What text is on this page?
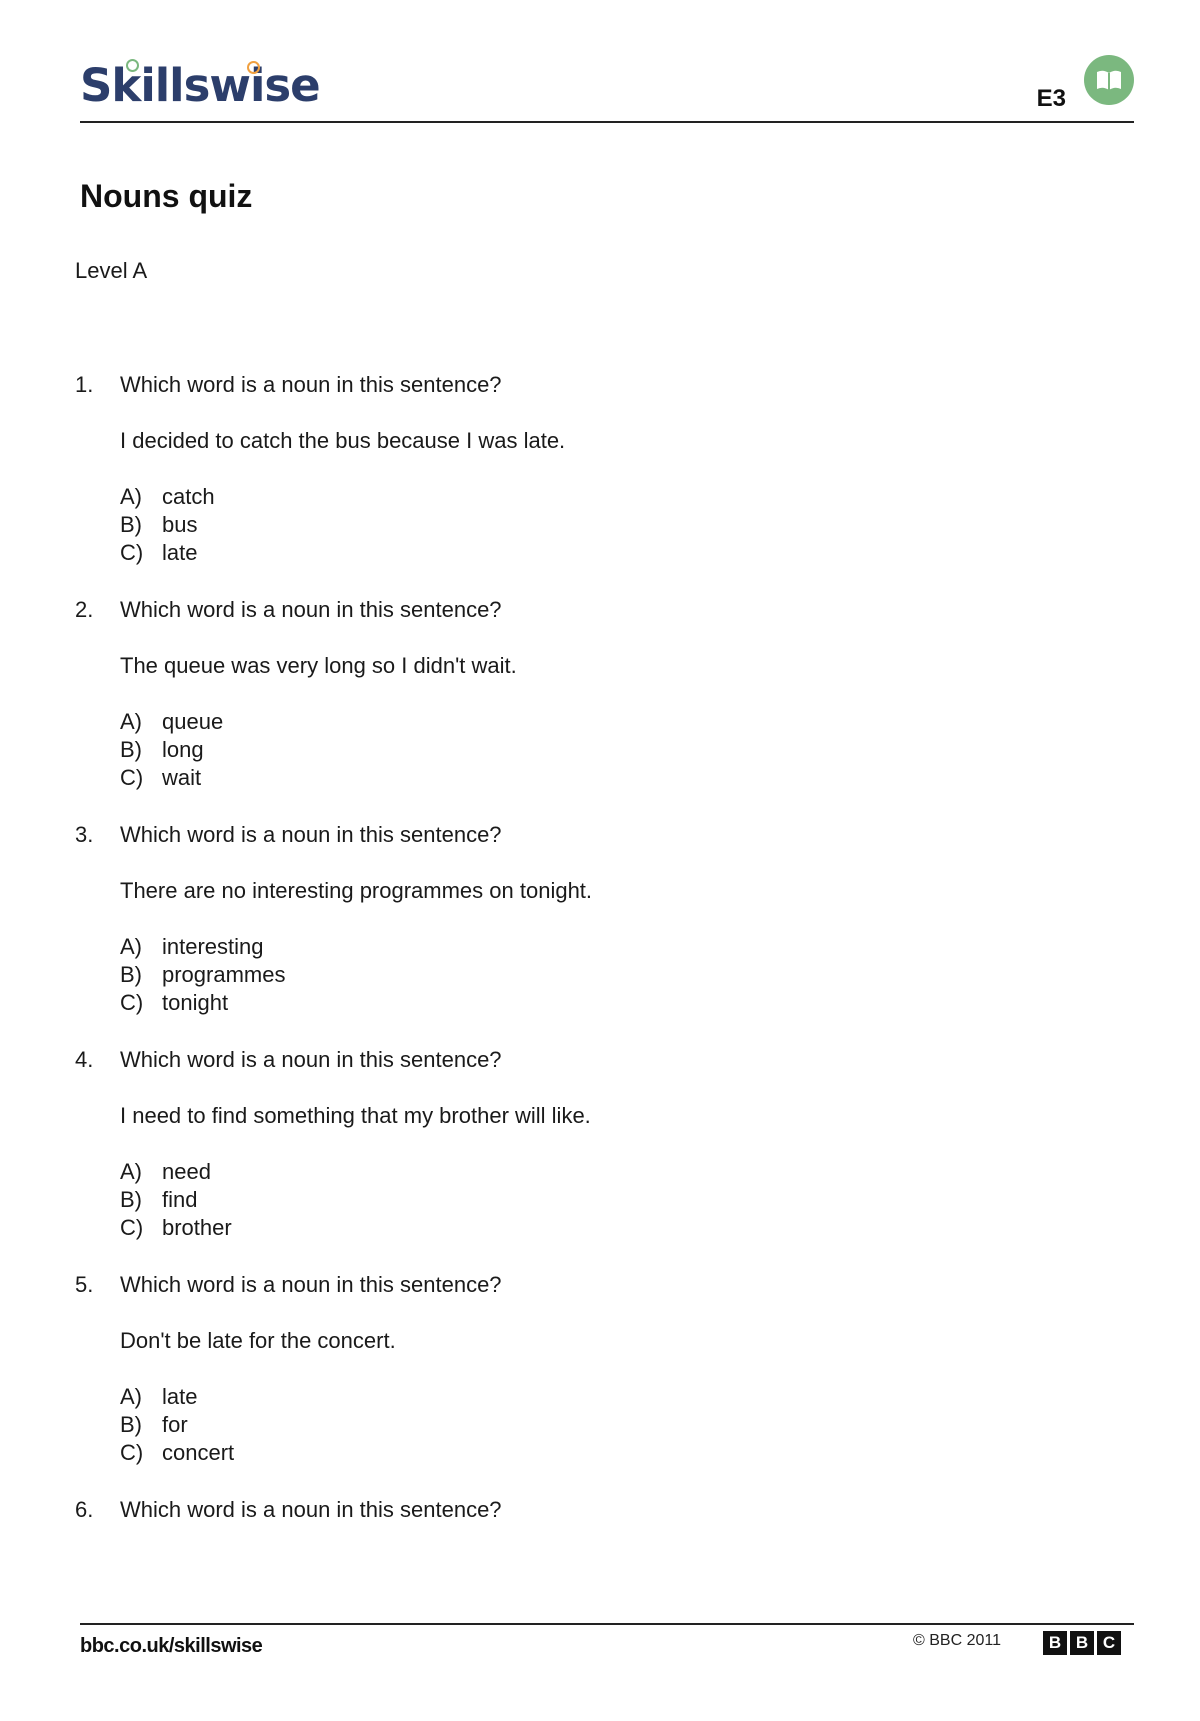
Skillswise	E3
Nouns quiz
Level A
1. Which word is a noun in this sentence?
I decided to catch the bus because I was late.
A) catch
B) bus
C) late
2. Which word is a noun in this sentence?
The queue was very long so I didn't wait.
A) queue
B) long
C) wait
3. Which word is a noun in this sentence?
There are no interesting programmes on tonight.
A) interesting
B) programmes
C) tonight
4. Which word is a noun in this sentence?
I need to find something that my brother will like.
A) need
B) find
C) brother
5. Which word is a noun in this sentence?
Don't be late for the concert.
A) late
B) for
C) concert
6. Which word is a noun in this sentence?
bbc.co.uk/skillswise	© BBC 2011	B B C
